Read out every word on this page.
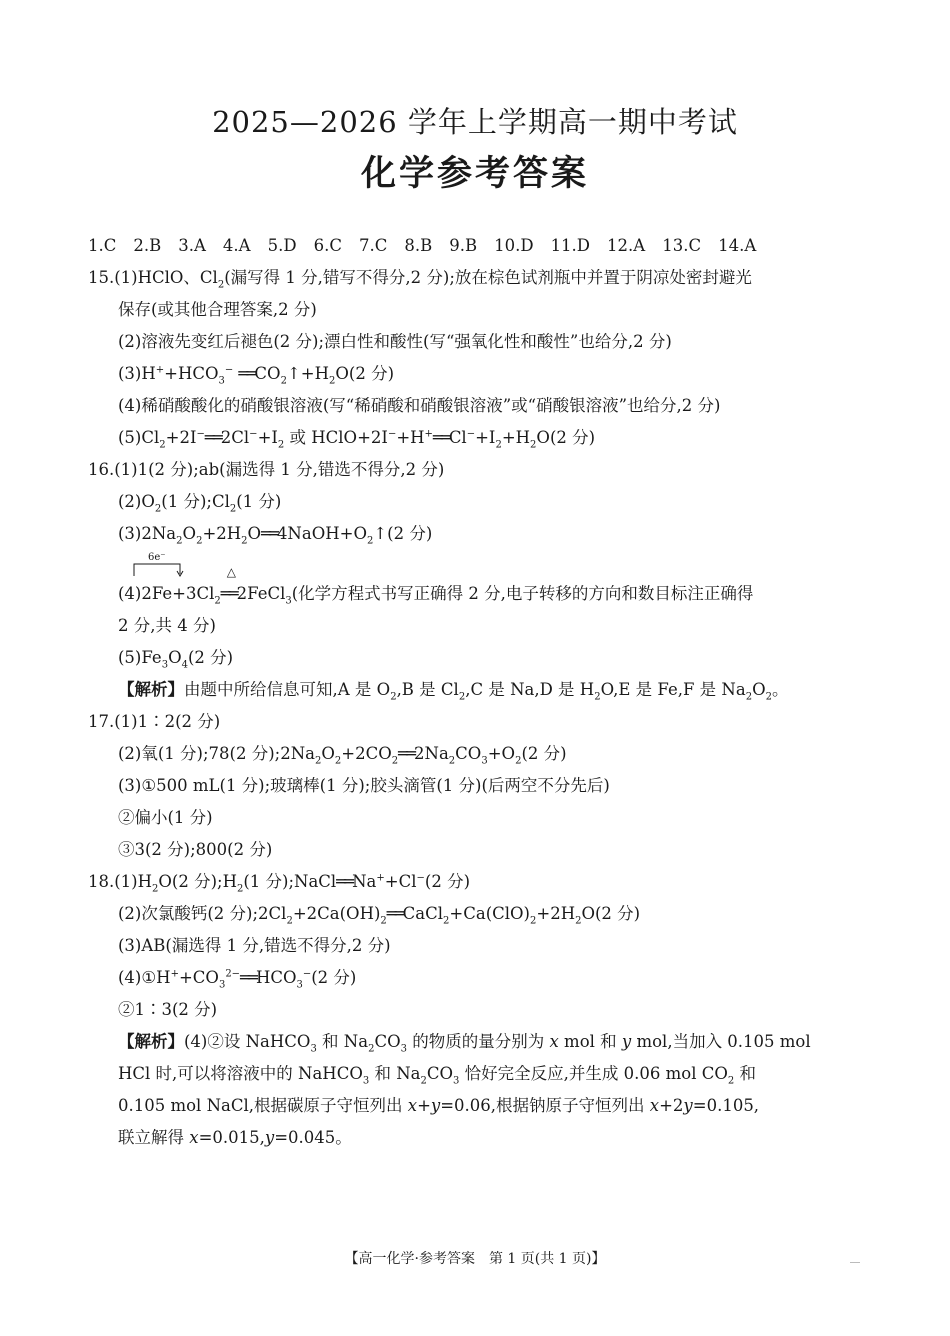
2025—2026 学年上学期高一期中考试
化学参考答案
1.C 2.B 3.A 4.A 5.D 6.C 7.C 8.B 9.B 10.D 11.D 12.A 13.C 14.A
15.(1)HClO、$Cl_2$(漏写得 1 分,错写不得分,2 分);放在棕色试剂瓶中并置于阴凉处密封避光
保存(或其他合理答案,2 分)
(2)溶液先变红后褪色(2 分);漂白性和酸性(写“强氧化性和酸性”也给分,2 分)
$(3)H^++HCO_3^-$ $══CO_2↑+H_2O(2$ 分)
(4)稀硝酸酸化的硝酸银溶液(写“稀硝酸和硝酸银溶液”或“硝酸银溶液”也给分,2 分)
$(5)Cl_2+2I^-══2Cl^-+I_2$ 或 $HClO+2I^-+H^+══Cl^-+I_2+H_2O(2$ 分)
16.(1)1(2 分);ab(漏选得 1 分,错选不得分,2 分)
$(2)O_2(1$ 分)$;Cl_2(1$ 分)
$(3)2Na_2O_2+2H_2O══4NaOH+O_2↑(2$ 分)
6e⁻
$(4)2Fe+3Cl_2$
△
══2FeCl$_3$(化学方程式书写正确得 2 分,电子转移的方向和数目标注正确得
2 分,共 4 分)
$(5)Fe_3O_4(2$ 分)
【解析】由题中所给信息可知,A 是 $O_2,B$ 是 $Cl_2,C$ 是 Na,D 是 $H_2O,E$ 是 Fe,F 是 $Na_2O_2$。
17.(1)1∶2(2 分)
(2)氧(1 分);78(2 分)$;2Na_2O_2+2CO_2══2Na_2CO_3+O_2(2$ 分)
(3)①500 mL(1 分);玻璃棒(1 分);胶头滴管(1 分)(后两空不分先后)
②偏小(1 分)
③3(2 分);800(2 分)
$18.(1)H_2O(2$ 分)$;H_2(1$ 分);NaCl══Na++Cl−(2 分)
(2)次氯酸钙(2 分)$;2Cl_2+2Ca(OH)_2══CaCl_2+Ca(ClO)_2+2H_2O(2$ 分)
(3)AB(漏选得 1 分,错选不得分,2 分)
$(4)①H^++CO_3^{2-}══HCO_3^-(2$ 分)
②1∶3(2 分)
【解析】(4)②设 NaHCO$_3$ 和 $Na_2CO_3$ 的物质的量分别为 x mol 和 y mol,当加入 0.105 mol
HCl 时,可以将溶液中的 NaHCO$_3$ 和 $Na_2CO_3$ 恰好完全反应,并生成 0.06 mol $CO_2$ 和
0.105 mol NaCl,根据碳原子守恒列出 x+y=0.06,根据钠原子守恒列出 x+2y=0.105,
联立解得 x=0.015,y=0.045。
【高一化学·参考答案　第 1 页(共 1 页)】
